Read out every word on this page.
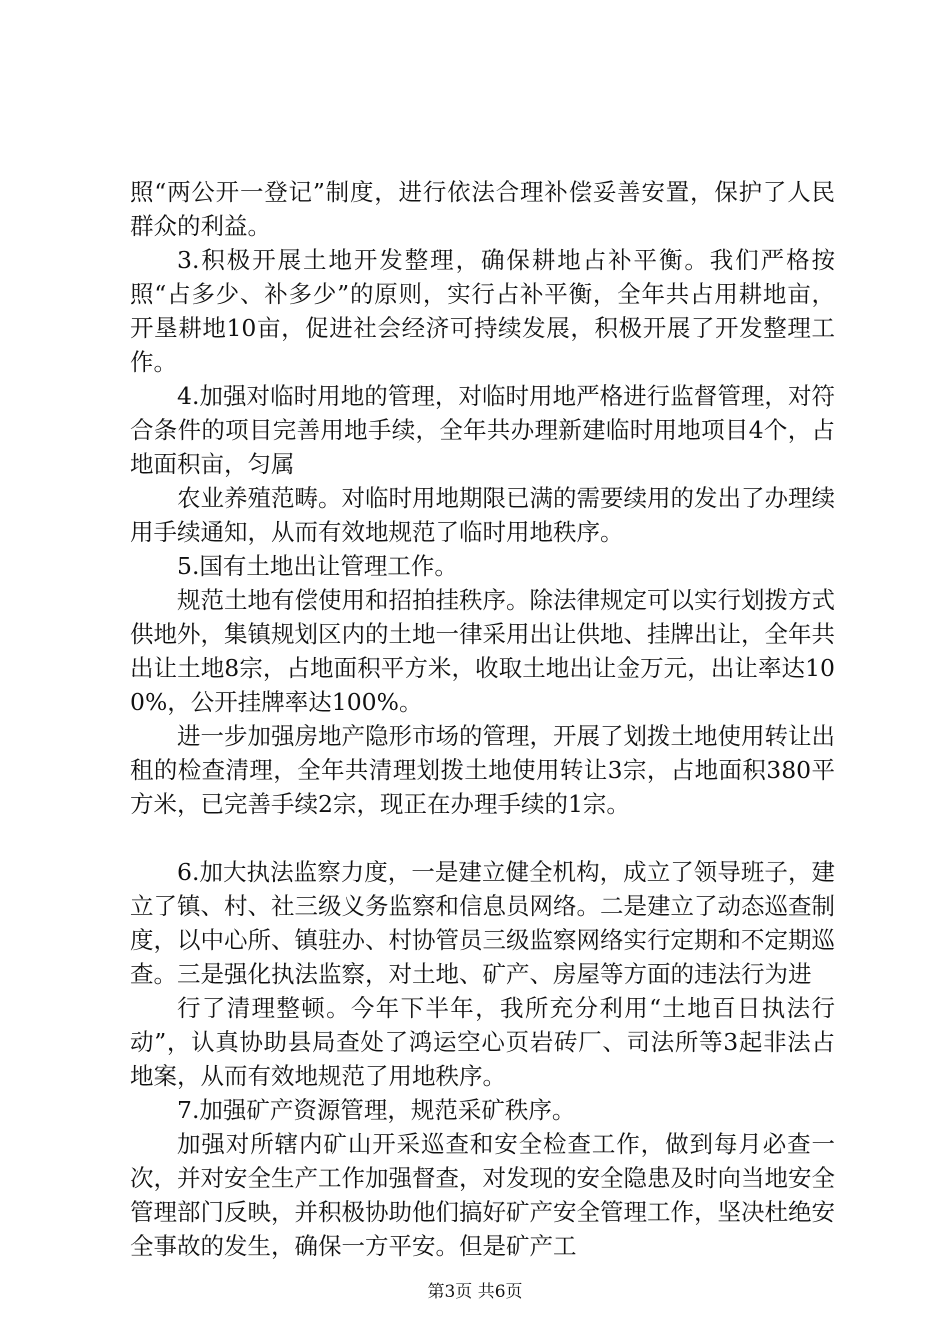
照“两公开一登记”制度，进行依法合理补偿妥善安置，保护了人民群众的利益。

3.积极开展土地开发整理，确保耕地占补平衡。我们严格按照“占多少、补多少”的原则，实行占补平衡，全年共占用耕地亩，开垦耕地10亩，促进社会经济可持续发展，积极开展了开发整理工作。

4.加强对临时用地的管理，对临时用地严格进行监督管理，对符合条件的项目完善用地手续，全年共办理新建临时用地项目4个，占地面积亩，匀属

农业养殖范畴。对临时用地期限已满的需要续用的发出了办理续用手续通知，从而有效地规范了临时用地秩序。

5.国有土地出让管理工作。

规范土地有偿使用和招拍挂秩序。除法律规定可以实行划拨方式供地外，集镇规划区内的土地一律采用出让供地、挂牌出让，全年共出让土地8宗，占地面积平方米，收取土地出让金万元，出让率达100%，公开挂牌率达100%。

进一步加强房地产隐形市场的管理，开展了划拨土地使用转让出租的检查清理，全年共清理划拨土地使用转让3宗，占地面积380平方米，已完善手续2宗，现正在办理手续的1宗。

6.加大执法监察力度，一是建立健全机构，成立了领导班子，建立了镇、村、社三级义务监察和信息员网络。二是建立了动态巡查制度，以中心所、镇驻办、村协管员三级监察网络实行定期和不定期巡查。三是强化执法监察，对土地、矿产、房屋等方面的违法行为进

行了清理整顿。今年下半年，我所充分利用“土地百日执法行动”，认真协助县局查处了鸿运空心页岩砖厂、司法所等3起非法占地案，从而有效地规范了用地秩序。

7.加强矿产资源管理，规范采矿秩序。

加强对所辖内矿山开采巡查和安全检查工作，做到每月必查一次，并对安全生产工作加强督查，对发现的安全隐患及时向当地安全管理部门反映，并积极协助他们搞好矿产安全管理工作，坚决杜绝安全事故的发生，确保一方平安。但是矿产工

第3页 共6页
